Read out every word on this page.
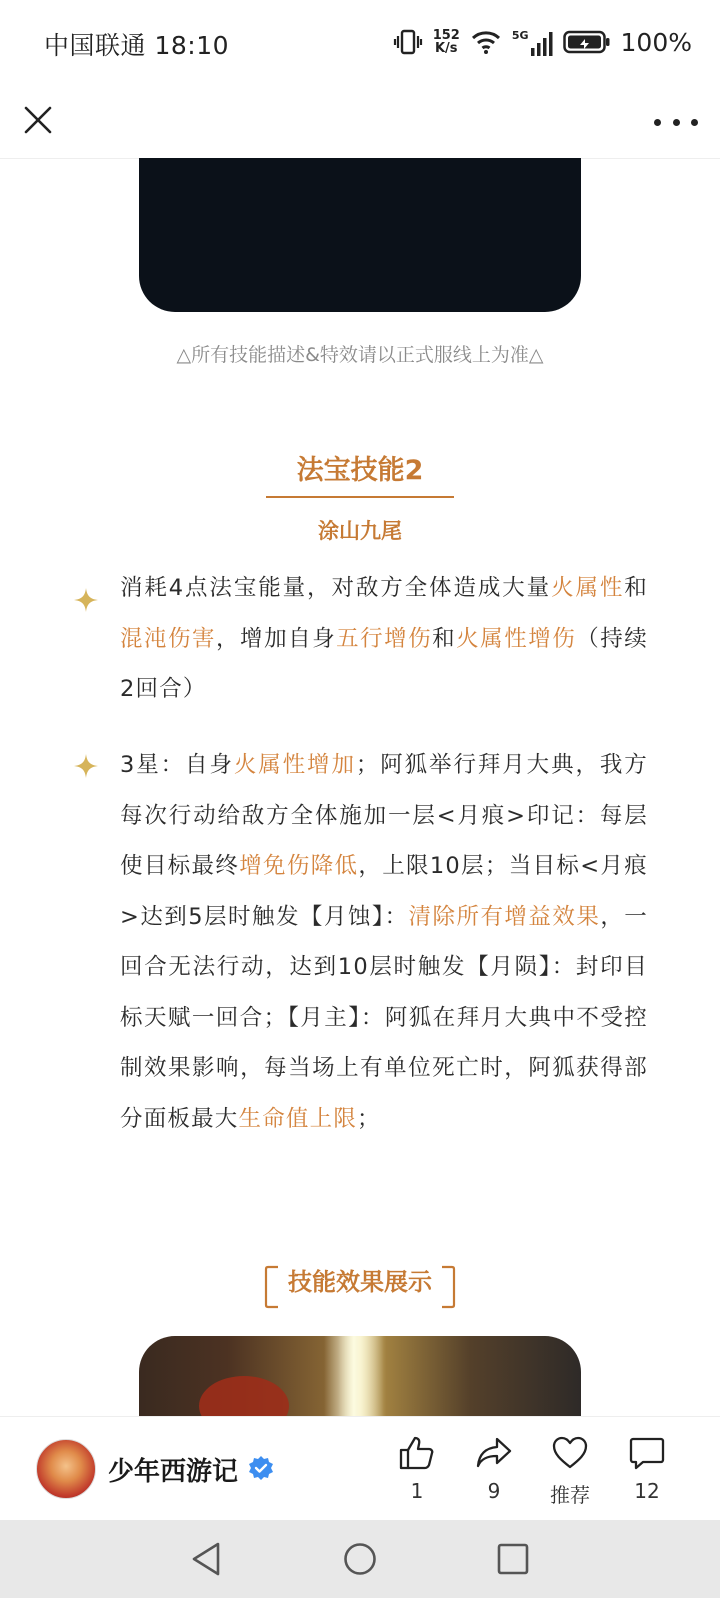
中国联通 18:10	152
K/s
5G	100%
△所有技能描述&特效请以正式服线上为准△
法宝技能2
涂山九尾
消耗4点法宝能量，对敌方全体造成大量火属性和混沌伤害，增加自身五行增伤和火属性增伤（持续2回合）
3星：自身火属性增加；阿狐举行拜月大典，我方每次行动给敌方全体施加一层<月痕>印记：每层使目标最终增免伤降低，上限10层；当目标<月痕>达到5层时触发【月蚀】：清除所有增益效果，一回合无法行动，达到10层时触发【月陨】：封印目标天赋一回合；【月主】：阿狐在拜月大典中不受控制效果影响，每当场上有单位死亡时，阿狐获得部分面板最大生命值上限；
技能效果展示
少年西游记
1	9	推荐	12
